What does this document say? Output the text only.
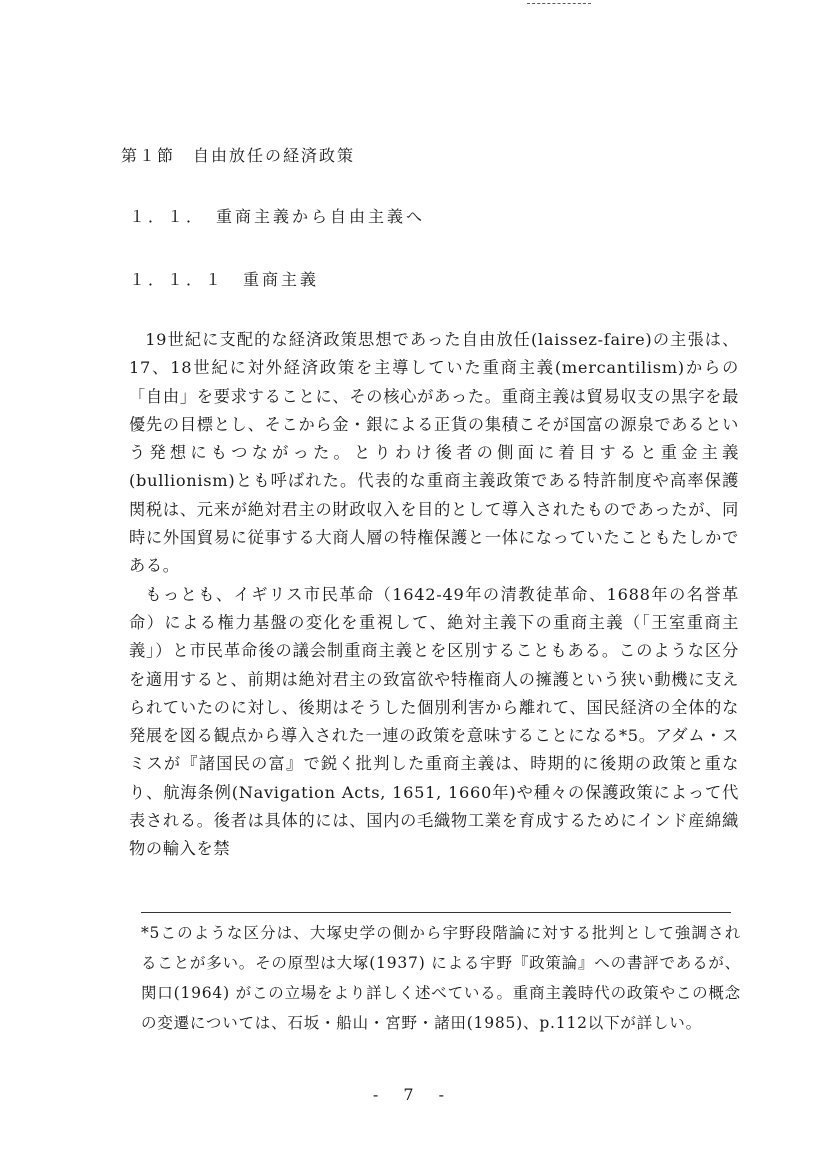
第１節　自由放任の経済政策
１．１．　重商主義から自由主義へ
１．１．１　重商主義

19世紀に支配的な経済政策思想であった自由放任(laissez-faire)の主張は、17、18世紀に対外経済政策を主導していた重商主義(mercantilism)からの「自由」を要求することに、その核心があった。重商主義は貿易収支の黒字を最優先の目標とし、そこから金・銀による正貨の集積こそが国富の源泉であるという発想にもつながった。とりわけ後者の側面に着目すると重金主義(bullionism)とも呼ばれた。代表的な重商主義政策である特許制度や高率保護関税は、元来が絶対君主の財政収入を目的として導入されたものであったが、同時に外国貿易に従事する大商人層の特権保護と一体になっていたこともたしかである。

もっとも、イギリス市民革命（1642-49年の清教徒革命、1688年の名誉革命）による権力基盤の変化を重視して、絶対主義下の重商主義（「王室重商主義」）と市民革命後の議会制重商主義とを区別することもある。このような区分を適用すると、前期は絶対君主の致富欲や特権商人の擁護という狭い動機に支えられていたのに対し、後期はそうした個別利害から離れて、国民経済の全体的な発展を図る観点から導入された一連の政策を意味することになる*5。アダム・スミスが『諸国民の富』で鋭く批判した重商主義は、時期的に後期の政策と重なり、航海条例(Navigation Acts, 1651, 1660年)や種々の保護政策によって代表される。後者は具体的には、国内の毛織物工業を育成するためにインド産綿織物の輸入を禁

*5このような区分は、大塚史学の側から宇野段階論に対する批判として強調されることが多い。その原型は大塚(1937) による宇野『政策論』への書評であるが、関口(1964) がこの立場をより詳しく述べている。重商主義時代の政策やこの概念の変遷については、石坂・船山・宮野・諸田(1985)、p.112以下が詳しい。

- 7 -
